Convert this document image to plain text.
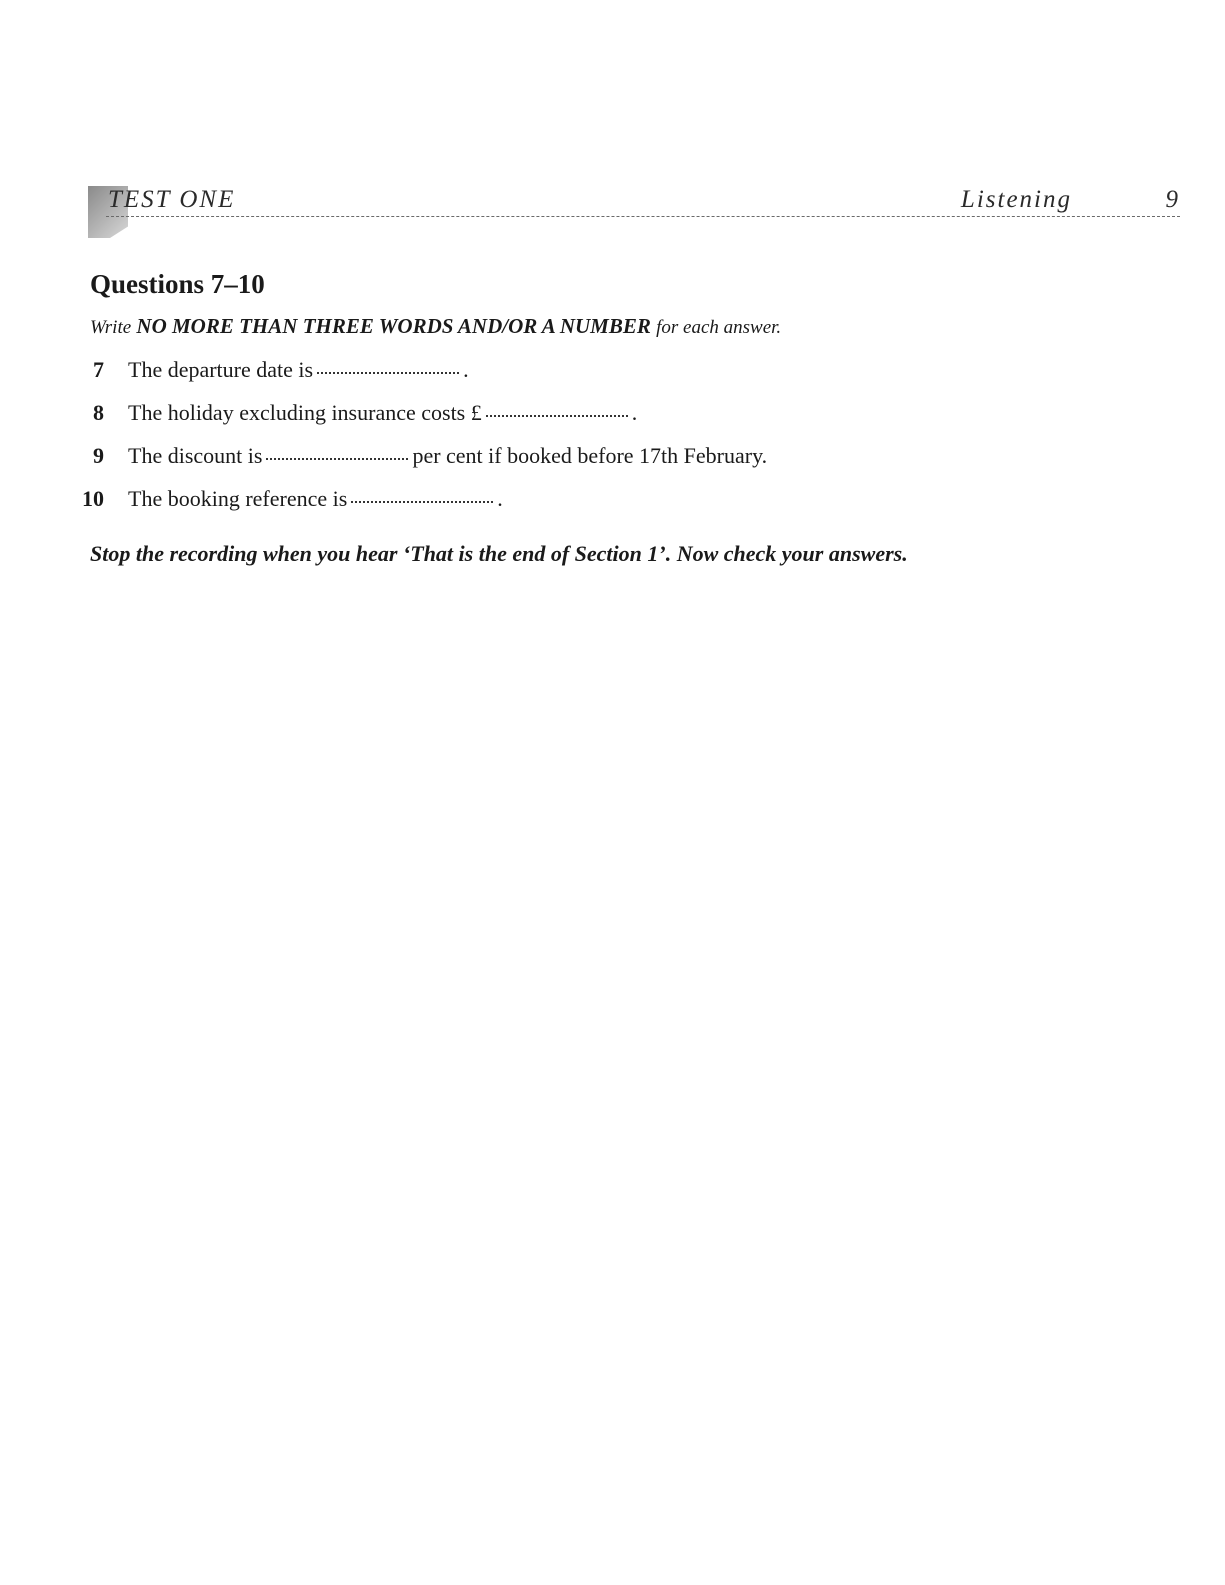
TEST ONE	Listening	9
Questions 7–10

Write NO MORE THAN THREE WORDS AND/OR A NUMBER for each answer.

7 The departure date is	.
8 The holiday excluding insurance costs £	.
9 The discount is	per cent if booked before 17th February.
10 The booking reference is	.

Stop the recording when you hear ‘That is the end of Section 1’. Now check your answers.
